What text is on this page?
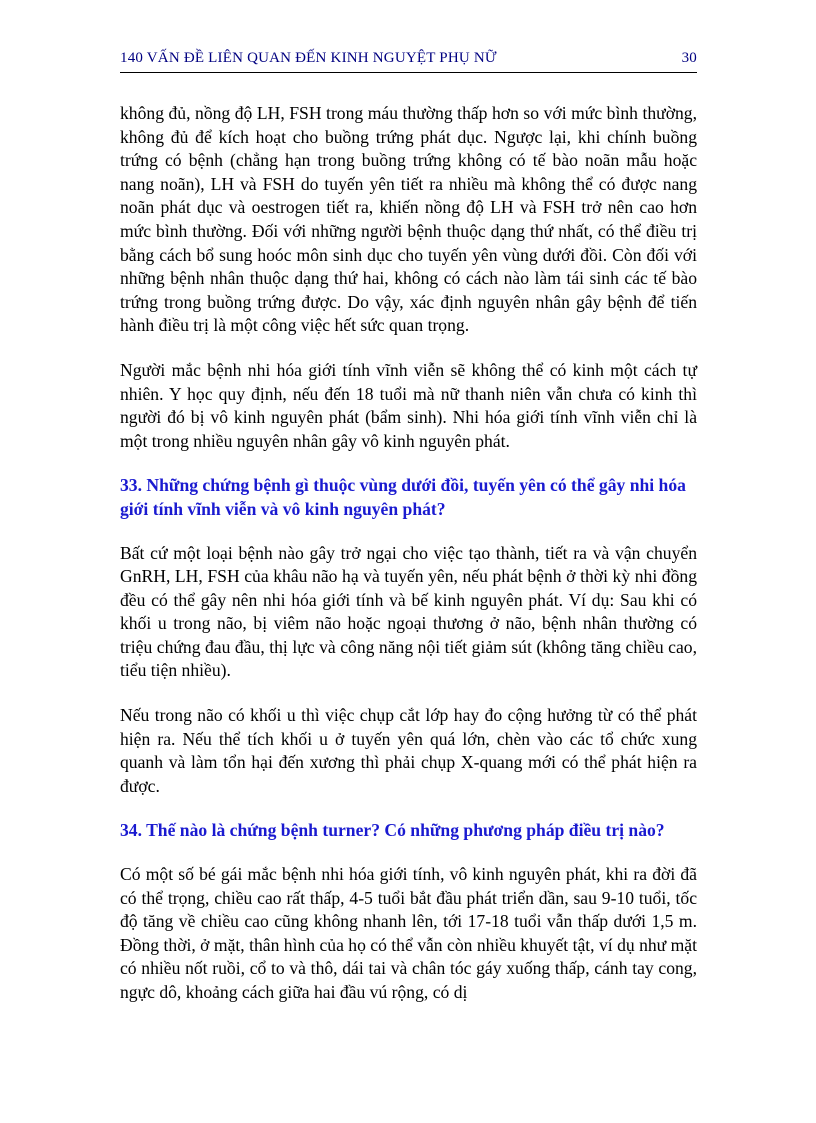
140 VẤN ĐỀ LIÊN QUAN ĐẾN KINH NGUYỆT PHỤ NỮ	30

không đủ, nồng độ LH, FSH trong máu thường thấp hơn so với mức bình thường, không đủ để kích hoạt cho buồng trứng phát dục. Ngược lại, khi chính buồng trứng có bệnh (chẳng hạn trong buồng trứng không có tế bào noãn mẫu hoặc nang noãn), LH và FSH do tuyến yên tiết ra nhiều mà không thể có được nang noãn phát dục và oestrogen tiết ra, khiến nồng độ LH và FSH trở nên cao hơn mức bình thường. Đối với những người bệnh thuộc dạng thứ nhất, có thể điều trị bằng cách bổ sung hoóc môn sinh dục cho tuyến yên vùng dưới đồi. Còn đối với những bệnh nhân thuộc dạng thứ hai, không có cách nào làm tái sinh các tế bào trứng trong buồng trứng được. Do vậy, xác định nguyên nhân gây bệnh để tiến hành điều trị là một công việc hết sức quan trọng.

Người mắc bệnh nhi hóa giới tính vĩnh viễn sẽ không thể có kinh một cách tự nhiên. Y học quy định, nếu đến 18 tuổi mà nữ thanh niên vẫn chưa có kinh thì người đó bị vô kinh nguyên phát (bẩm sinh). Nhi hóa giới tính vĩnh viễn chỉ là một trong nhiều nguyên nhân gây vô kinh nguyên phát.

33. Những chứng bệnh gì thuộc vùng dưới đồi, tuyến yên có thể gây nhi hóa giới tính vĩnh viễn và vô kinh nguyên phát?

Bất cứ một loại bệnh nào gây trở ngại cho việc tạo thành, tiết ra và vận chuyển GnRH, LH, FSH của khâu não hạ và tuyến yên, nếu phát bệnh ở thời kỳ nhi đồng đều có thể gây nên nhi hóa giới tính và bế kinh nguyên phát. Ví dụ: Sau khi có khối u trong não, bị viêm não hoặc ngoại thương ở não, bệnh nhân thường có triệu chứng đau đầu, thị lực và công năng nội tiết giảm sút (không tăng chiều cao, tiểu tiện nhiều).

Nếu trong não có khối u thì việc chụp cắt lớp hay đo cộng hưởng từ có thể phát hiện ra. Nếu thể tích khối u ở tuyến yên quá lớn, chèn vào các tổ chức xung quanh và làm tổn hại đến xương thì phải chụp X-quang mới có thể phát hiện ra được.

34. Thế nào là chứng bệnh turner? Có những phương pháp điều trị nào?

Có một số bé gái mắc bệnh nhi hóa giới tính, vô kinh nguyên phát, khi ra đời đã có thể trọng, chiều cao rất thấp, 4-5 tuổi bắt đầu phát triển dần, sau 9-10 tuổi, tốc độ tăng về chiều cao cũng không nhanh lên, tới 17-18 tuổi vẫn thấp dưới 1,5 m. Đồng thời, ở mặt, thân hình của họ có thể vẫn còn nhiều khuyết tật, ví dụ như mặt có nhiều nốt ruồi, cổ to và thô, dái tai và chân tóc gáy xuống thấp, cánh tay cong, ngực dô, khoảng cách giữa hai đầu vú rộng, có dị
